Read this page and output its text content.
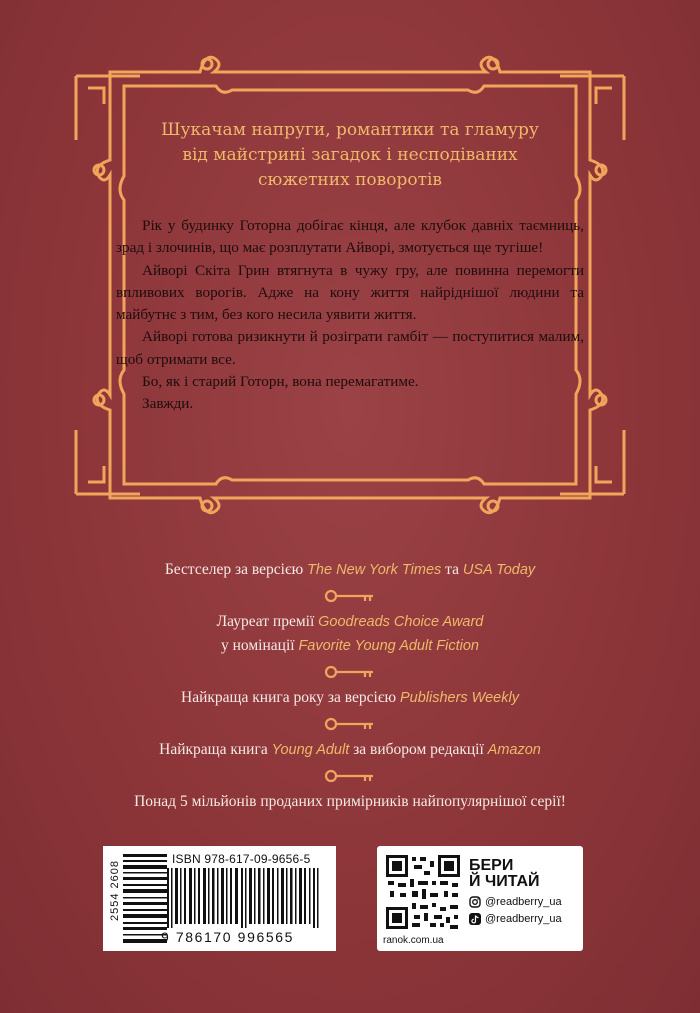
Шукачам напруги, романтики та гламуру
від майстрині загадок і несподіваних
сюжетних поворотів

Рік у будинку Готорна добігає кінця, але клубок давніх таємниць, зрад і злочинів, що має розплутати Айворі, змотується ще тугіше!

Айворі Скіта Грин втягнута в чужу гру, але повинна перемогти впливових ворогів. Адже на кону життя найріднішої людини та майбутнє з тим, без кого несила уявити життя.

Айворі готова ризикнути й розіграти гамбіт — поступитися малим, щоб отримати все.

Бо, як і старий Готорн, вона перемагатиме.

Завжди.

Бестселер за версією The New York Times та USA Today
Лауреат премії Goodreads Choice Award
у номінації Favorite Young Adult Fiction
Найкраща книга року за версією Publishers Weekly
Найкраща книга Young Adult за вибором редакції Amazon
Понад 5 мільйонів проданих примірників найпопулярнішої серії!
2554 2608
ISBN 978-617-09-9656-5
9 786170 996565
БЕРИ
Й ЧИТАЙ
@readberry_ua
@readberry_ua
ranok.com.ua
